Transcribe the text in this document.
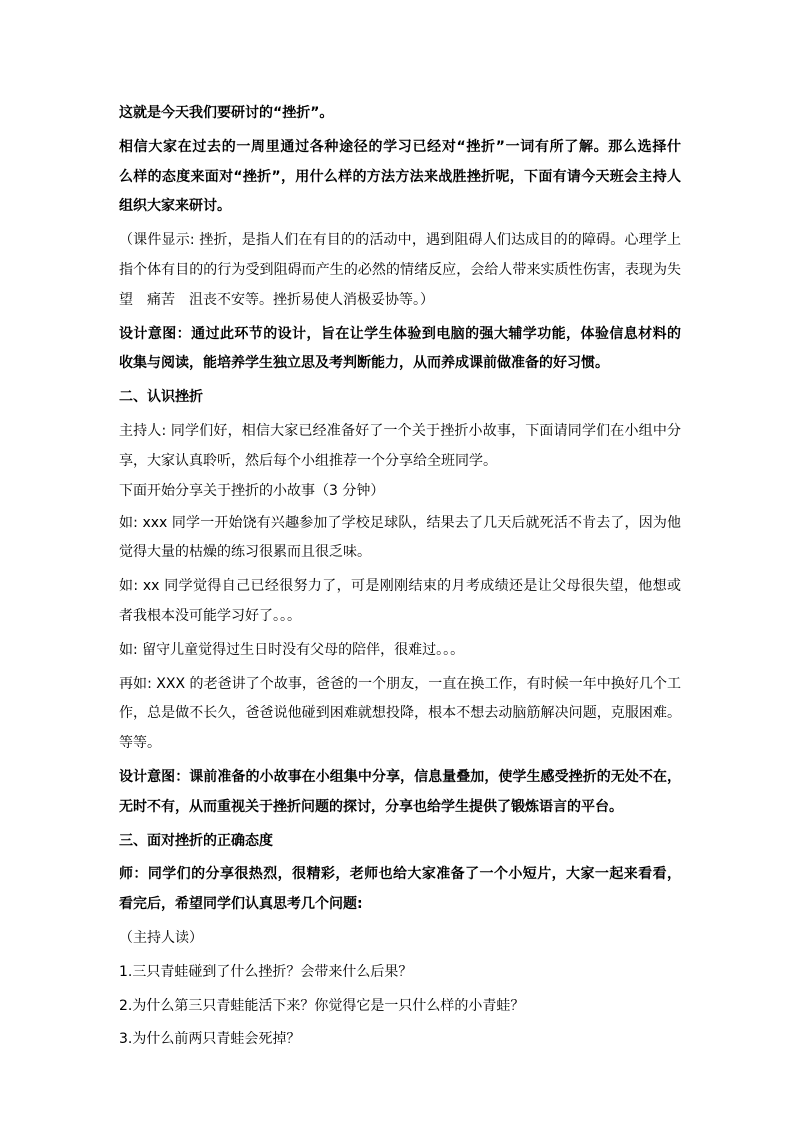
这就是今天我们要研讨的“挫折”。

相信大家在过去的一周里通过各种途径的学习已经对“挫折”一词有所了解。那么选择什

么样的态度来面对“挫折”，用什么样的方法方法来战胜挫折呢，下面有请今天班会主持人

组织大家来研讨。

（课件显示: 挫折，是指人们在有目的的活动中，遇到阻碍人们达成目的的障碍。心理学上

指个体有目的的行为受到阻碍而产生的必然的情绪反应，会给人带来实质性伤害，表现为失

望　痛苦　沮丧不安等。挫折易使人消极妥协等。）

设计意图：通过此环节的设计，旨在让学生体验到电脑的强大辅学功能，体验信息材料的

收集与阅读，能培养学生独立思及考判断能力，从而养成课前做准备的好习惯。

二、认识挫折

主持人: 同学们好，相信大家已经准备好了一个关于挫折小故事，下面请同学们在小组中分

享，大家认真聆听，然后每个小组推荐一个分享给全班同学。

下面开始分享关于挫折的小故事（3 分钟）

如: xxx 同学一开始饶有兴趣参加了学校足球队，结果去了几天后就死活不肯去了，因为他

觉得大量的枯燥的练习很累而且很乏味。

如: xx 同学觉得自己已经很努力了，可是刚刚结束的月考成绩还是让父母很失望，他想或

者我根本没可能学习好了。。。

如: 留守儿童觉得过生日时没有父母的陪伴，很难过。。。

再如: XXX 的老爸讲了个故事，爸爸的一个朋友，一直在换工作，有时候一年中换好几个工

作，总是做不长久，爸爸说他碰到困难就想投降，根本不想去动脑筋解决问题，克服困难。

等等。

设计意图：课前准备的小故事在小组集中分享，信息量叠加，使学生感受挫折的无处不在，

无时不有，从而重视关于挫折问题的探讨，分享也给学生提供了锻炼语言的平台。

三、面对挫折的正确态度

师：同学们的分享很热烈，很精彩，老师也给大家准备了一个小短片，大家一起来看看，

看完后，希望同学们认真思考几个问题:

（主持人读）

1.三只青蛙碰到了什么挫折？会带来什么后果？

2.为什么第三只青蛙能活下来？你觉得它是一只什么样的小青蛙？

3.为什么前两只青蛙会死掉？
